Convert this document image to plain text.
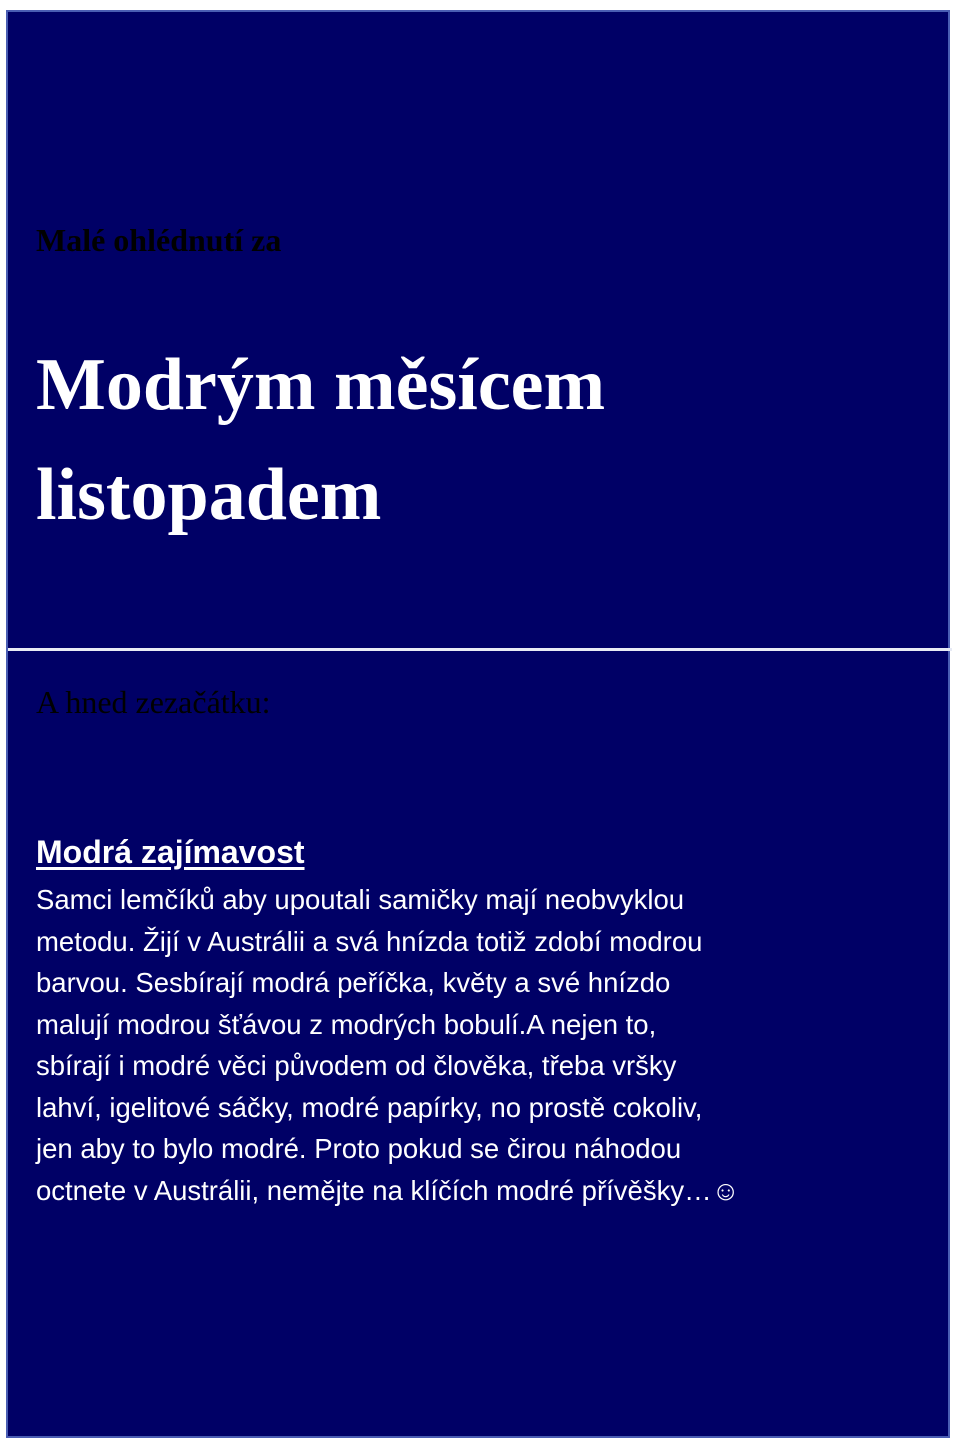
Malé ohlédnutí za

Modrým měsícem
listopadem

A hned zezačátku:

Modrá zajímavost

Samci lemčíků aby upoutali samičky mají neobvyklou
metodu. Žijí v Austrálii a svá hnízda totiž zdobí modrou
barvou. Sesbírají modrá peříčka, květy a své hnízdo
malují modrou šťávou z modrých bobulí.A nejen to,
sbírají i modré věci původem od člověka, třeba vršky
lahví, igelitové sáčky, modré papírky, no prostě cokoliv,
jen aby to bylo modré. Proto pokud se čirou náhodou
octnete v Austrálii, nemějte na klíčích modré přívěšky…☺
